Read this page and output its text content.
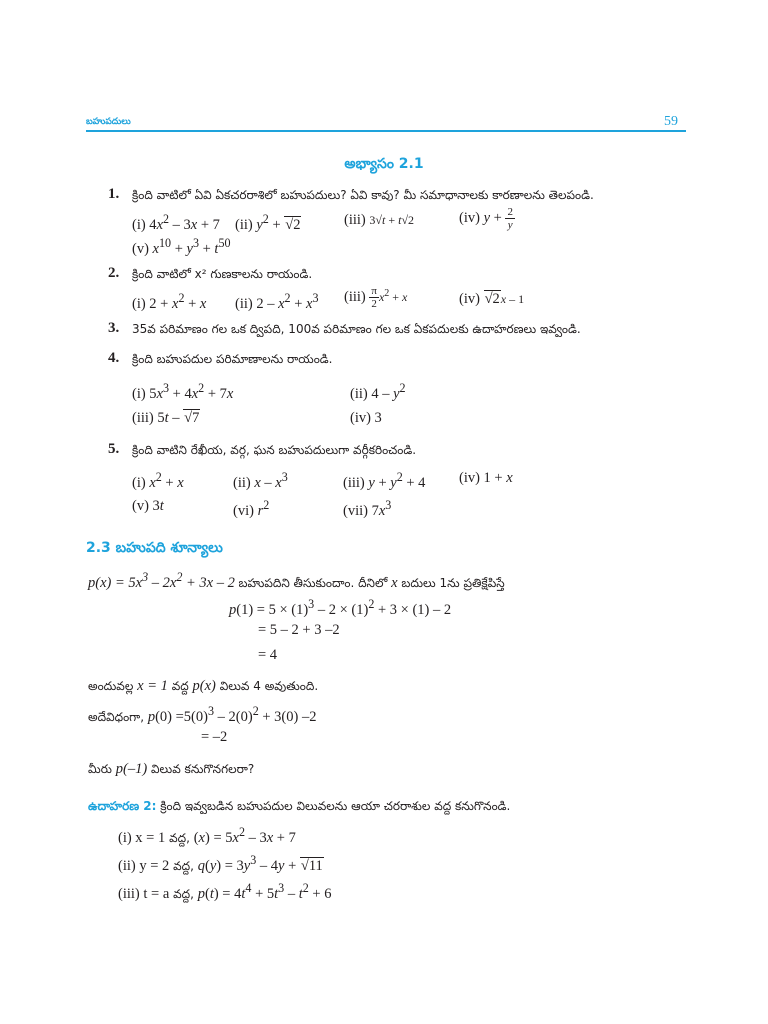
బహుపదులు	59
అభ్యాసం 2.1
1. క్రింది వాటిలో ఏవి ఏకచరరాశిలో బహుపదులు? ఏవి కావు? మీ సమాధానాలకు కారణాలను తెలపండి.
(i) $4x^2 - 3x + 7$ (ii) $y^2 + √2$	(iii) 3√t + t√2	(iv) $y + \frac{2}{y}$
(v) $x^{10} + y^3 + t^{50}$
2. క్రింది వాటిలో x² గుణకాలను రాయండి.
(i) $2 + x^2 + x$ (ii) $2 - x^2 + x^3$ $(iii) \frac{\pi}{2} x^2 + x$	(iv) √2x – 1
3. 35వ పరిమాణం గల ఒక ద్విపది, 100వ పరిమాణం గల ఒక ఏకపదులకు ఉదాహరణలు ఇవ్వండి.
4. క్రింది బహుపదుల పరిమాణాలను రాయండి.
(i) $5x^3 + 4x^2 + 7x$	(ii) $4 - y^2$
(iii) 5t – √7	(iv) 3
5. క్రింది వాటిని రేఖీయ, వర్గ, ఘన బహుపదులుగా వర్గీకరించండి.
(i) $x^2 + x$	(ii) x – $x^3$	(iii) $y + y^2 + 4$ (iv) 1 + x
(v) 3t	(vi) $r^2$	(vii) $7x^3$
2.3 బహుపది శూన్యాలు
$p(x) = 5x^3 - 2x^2 + 3x - 2$ బహుపదిని తీసుకుందాం. దీనిలో x బదులు 1ను ప్రతిక్షేపిస్తే
$p(1) = 5 \times (1)^3 - 2 \times (1)^2 + 3 \times (1) - 2$
= 5 – 2 + 3 –2
= 4
అందువల్ల x = 1 వద్ద p(x) విలువ 4 అవుతుంది.
అదేవిధంగా, $p(0) =5(0)^3 - 2(0)^2 + 3(0)$ –2
= –2
మీరు p(–1) విలువ కనుగొనగలరా?
ఉదాహరణ 2: క్రింది ఇవ్వబడిన బహుపదుల విలువలను ఆయా చరరాశుల వద్ద కనుగొనండి.
(i) x = 1 వద్ద, $(x) = 5x^2 - 3x + 7$
(ii) y = 2 వద్ద, $q(y) = 3y^3 - 4y + √11$
(iii) t = a వద్ద, $p(t) = 4t^4 + 5t^3 - t^2 + 6$
